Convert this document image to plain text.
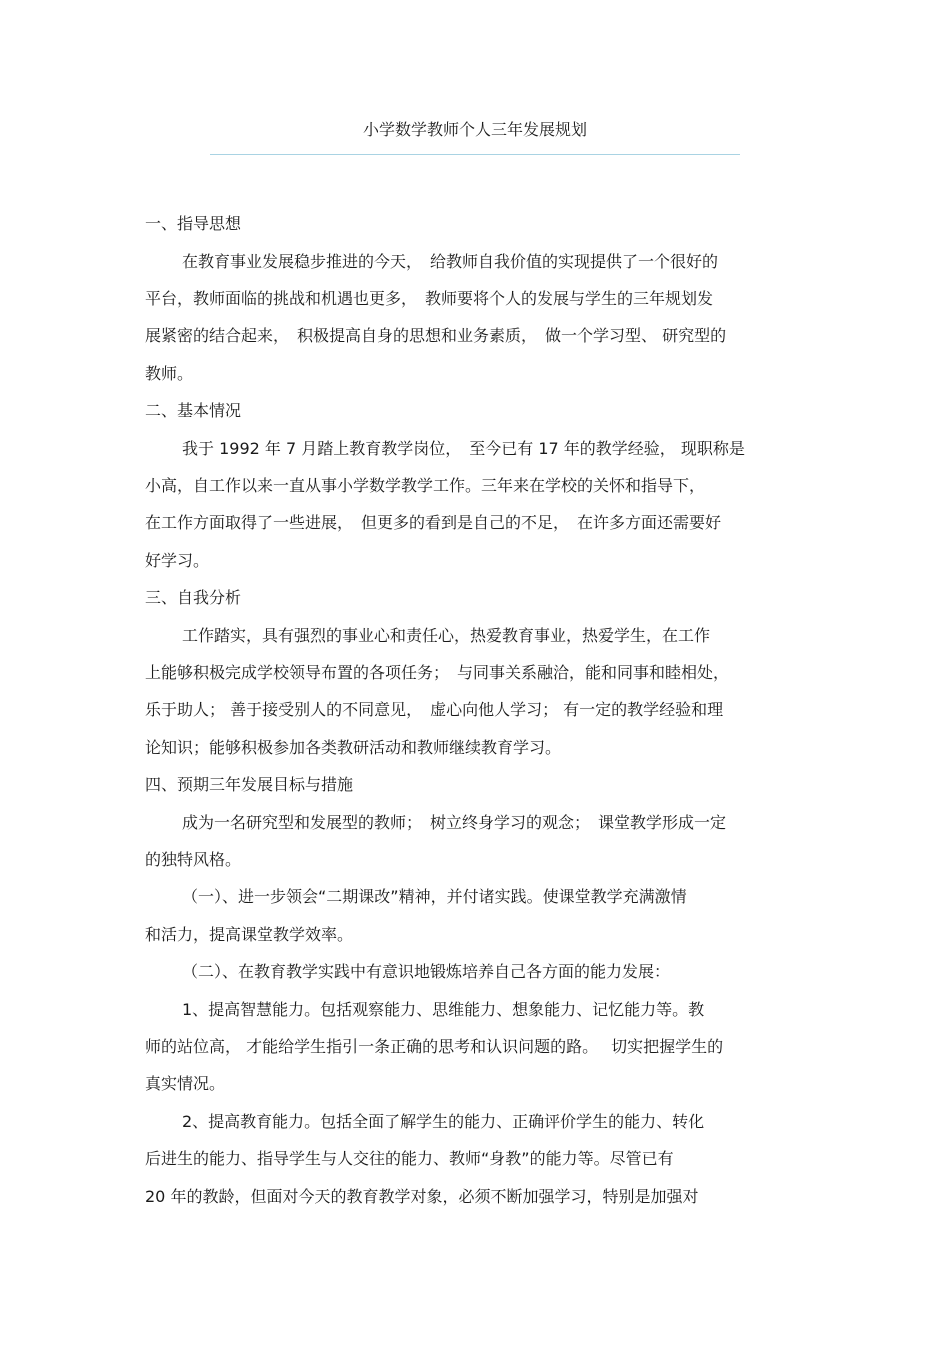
小学数学教师个人三年发展规划

一、指导思想

在教育事业发展稳步推进的今天，　给教师自我价值的实现提供了一个很好的

平台，教师面临的挑战和机遇也更多，　教师要将个人的发展与学生的三年规划发

展紧密的结合起来，　积极提高自身的思想和业务素质，　做一个学习型、 研究型的

教师。

二、基本情况

我于 1992 年 7 月踏上教育教学岗位，　至今已有 17 年的教学经验， 现职称是

小高，自工作以来一直从事小学数学教学工作。三年来在学校的关怀和指导下，

在工作方面取得了一些进展，　但更多的看到是自己的不足，　在许多方面还需要好

好学习。

三、自我分析

工作踏实，具有强烈的事业心和责任心，热爱教育事业，热爱学生，在工作

上能够积极完成学校领导布置的各项任务；　与同事关系融洽，能和同事和睦相处，

乐于助人； 善于接受别人的不同意见，　虚心向他人学习； 有一定的教学经验和理

论知识；能够积极参加各类教研活动和教师继续教育学习。

四、预期三年发展目标与措施

成为一名研究型和发展型的教师；　树立终身学习的观念；　课堂教学形成一定

的独特风格。

（一）、进一步领会“二期课改”精神，并付诸实践。使课堂教学充满激情

和活力，提高课堂教学效率。

（二）、在教育教学实践中有意识地锻炼培养自己各方面的能力发展：

1、提高智慧能力。包括观察能力、思维能力、想象能力、记忆能力等。教

师的站位高， 才能给学生指引一条正确的思考和认识问题的路。　 切实把握学生的

真实情况。

2、提高教育能力。包括全面了解学生的能力、正确评价学生的能力、转化

后进生的能力、指导学生与人交往的能力、教师“身教”的能力等。尽管已有

20 年的教龄，但面对今天的教育教学对象，必须不断加强学习，特别是加强对
